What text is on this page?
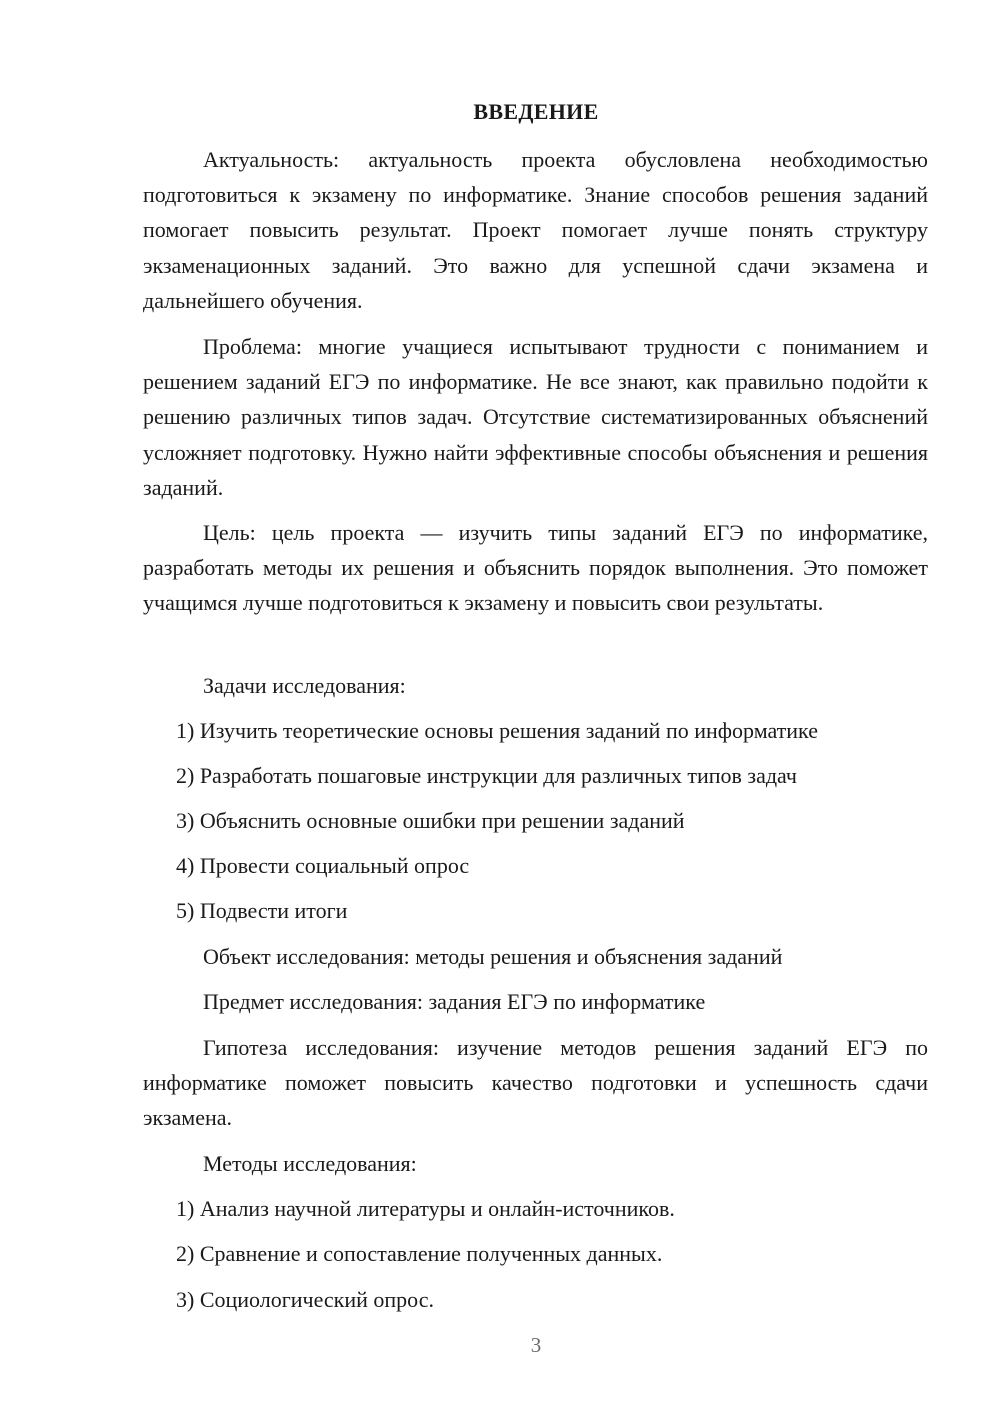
ВВЕДЕНИЕ

Актуальность: актуальность проекта обусловлена необходимостью подготовиться к экзамену по информатике. Знание способов решения заданий помогает повысить результат. Проект помогает лучше понять структуру экзаменационных заданий. Это важно для успешной сдачи экзамена и дальнейшего обучения.

Проблема: многие учащиеся испытывают трудности с пониманием и решением заданий ЕГЭ по информатике. Не все знают, как правильно подойти к решению различных типов задач. Отсутствие систематизированных объяснений усложняет подготовку. Нужно найти эффективные способы объяснения и решения заданий.

Цель: цель проекта — изучить типы заданий ЕГЭ по информатике, разработать методы их решения и объяснить порядок выполнения. Это поможет учащимся лучше подготовиться к экзамену и повысить свои результаты.

Задачи исследования:
1) Изучить теоретические основы решения заданий по информатике
2) Разработать пошаговые инструкции для различных типов задач
3) Объяснить основные ошибки при решении заданий
4) Провести социальный опрос
5) Подвести итоги
Объект исследования: методы решения и объяснения заданий
Предмет исследования: задания ЕГЭ по информатике

Гипотеза исследования: изучение методов решения заданий ЕГЭ по информатике поможет повысить качество подготовки и успешность сдачи экзамена.

Методы исследования:
1) Анализ научной литературы и онлайн-источников.
2) Сравнение и сопоставление полученных данных.
3) Социологический опрос.
3
